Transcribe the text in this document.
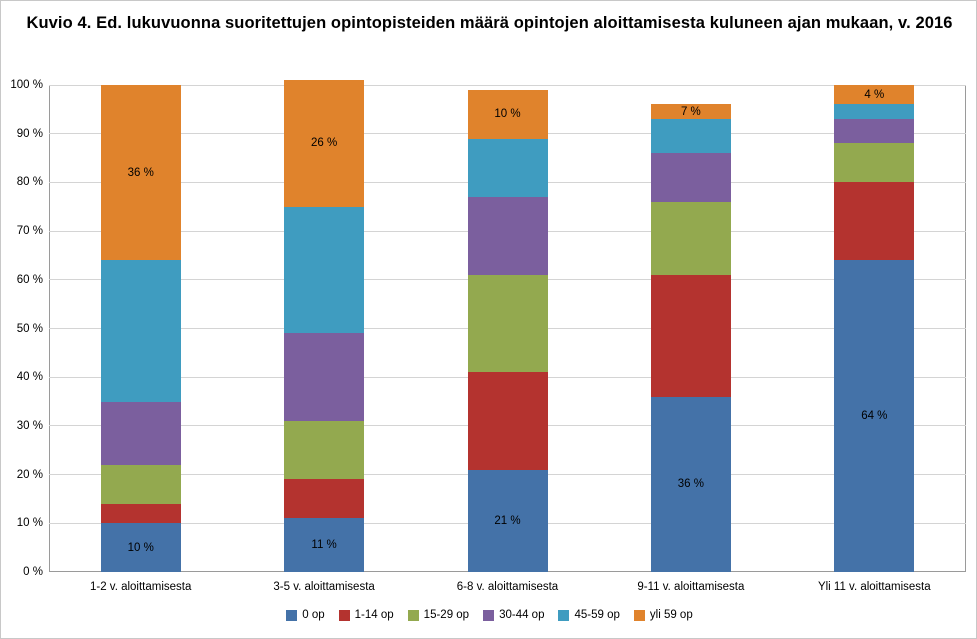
Kuvio 4. Ed. lukuvuonna suoritettujen opintopisteiden määrä opintojen aloittamisesta kuluneen ajan mukaan, v. 2016
0 %
10 %
20 %
30 %
40 %
50 %
60 %
70 %
80 %
90 %
100 %
10 %
36 %
1-2 v. aloittamisesta
11 %
26 %
3-5 v. aloittamisesta
21 %
10 %
6-8 v. aloittamisesta
36 %
7 %
9-11 v. aloittamisesta
64 %
4 %
Yli 11 v. aloittamisesta
0 op	1-14 op	15-29 op	30-44 op	45-59 op	yli 59 op
